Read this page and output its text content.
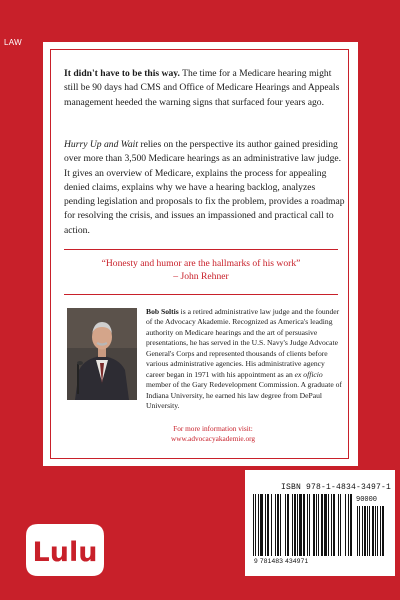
LAW

It didn't have to be this way. The time for a Medicare hearing might still be 90 days had CMS and Office of Medicare Hearings and Appeals management heeded the warning signs that surfaced four years ago.

Hurry Up and Wait relies on the perspective its author gained presiding over more than 3,500 Medicare hearings as an administrative law judge. It gives an overview of Medicare, explains the process for appealing denied claims, explains why we have a hearing backlog, analyzes pending legislation and proposals to fix the problem, provides a roadmap for resolving the crisis, and issues an impassioned and practical call to action.

“Honesty and humor are the hallmarks of his work”
– John Rehner

Bob Soltis is a retired administrative law judge and the founder of the Advocacy Akademie. Recognized as America's leading authority on Medicare hearings and the art of persuasive presentations, he has served in the U.S. Navy's Judge Advocate General's Corps and represented thousands of clients before various administrative agencies. His administrative agency career began in 1971 with his appointment as an ex officio member of the Gary Redevelopment Commission. A graduate of Indiana University, he earned his law degree from DePaul University.

For more information visit:
www.advocacyakademie.org
Lulu
ISBN 978-1-4834-3497-1
90000
9 781483 434971
